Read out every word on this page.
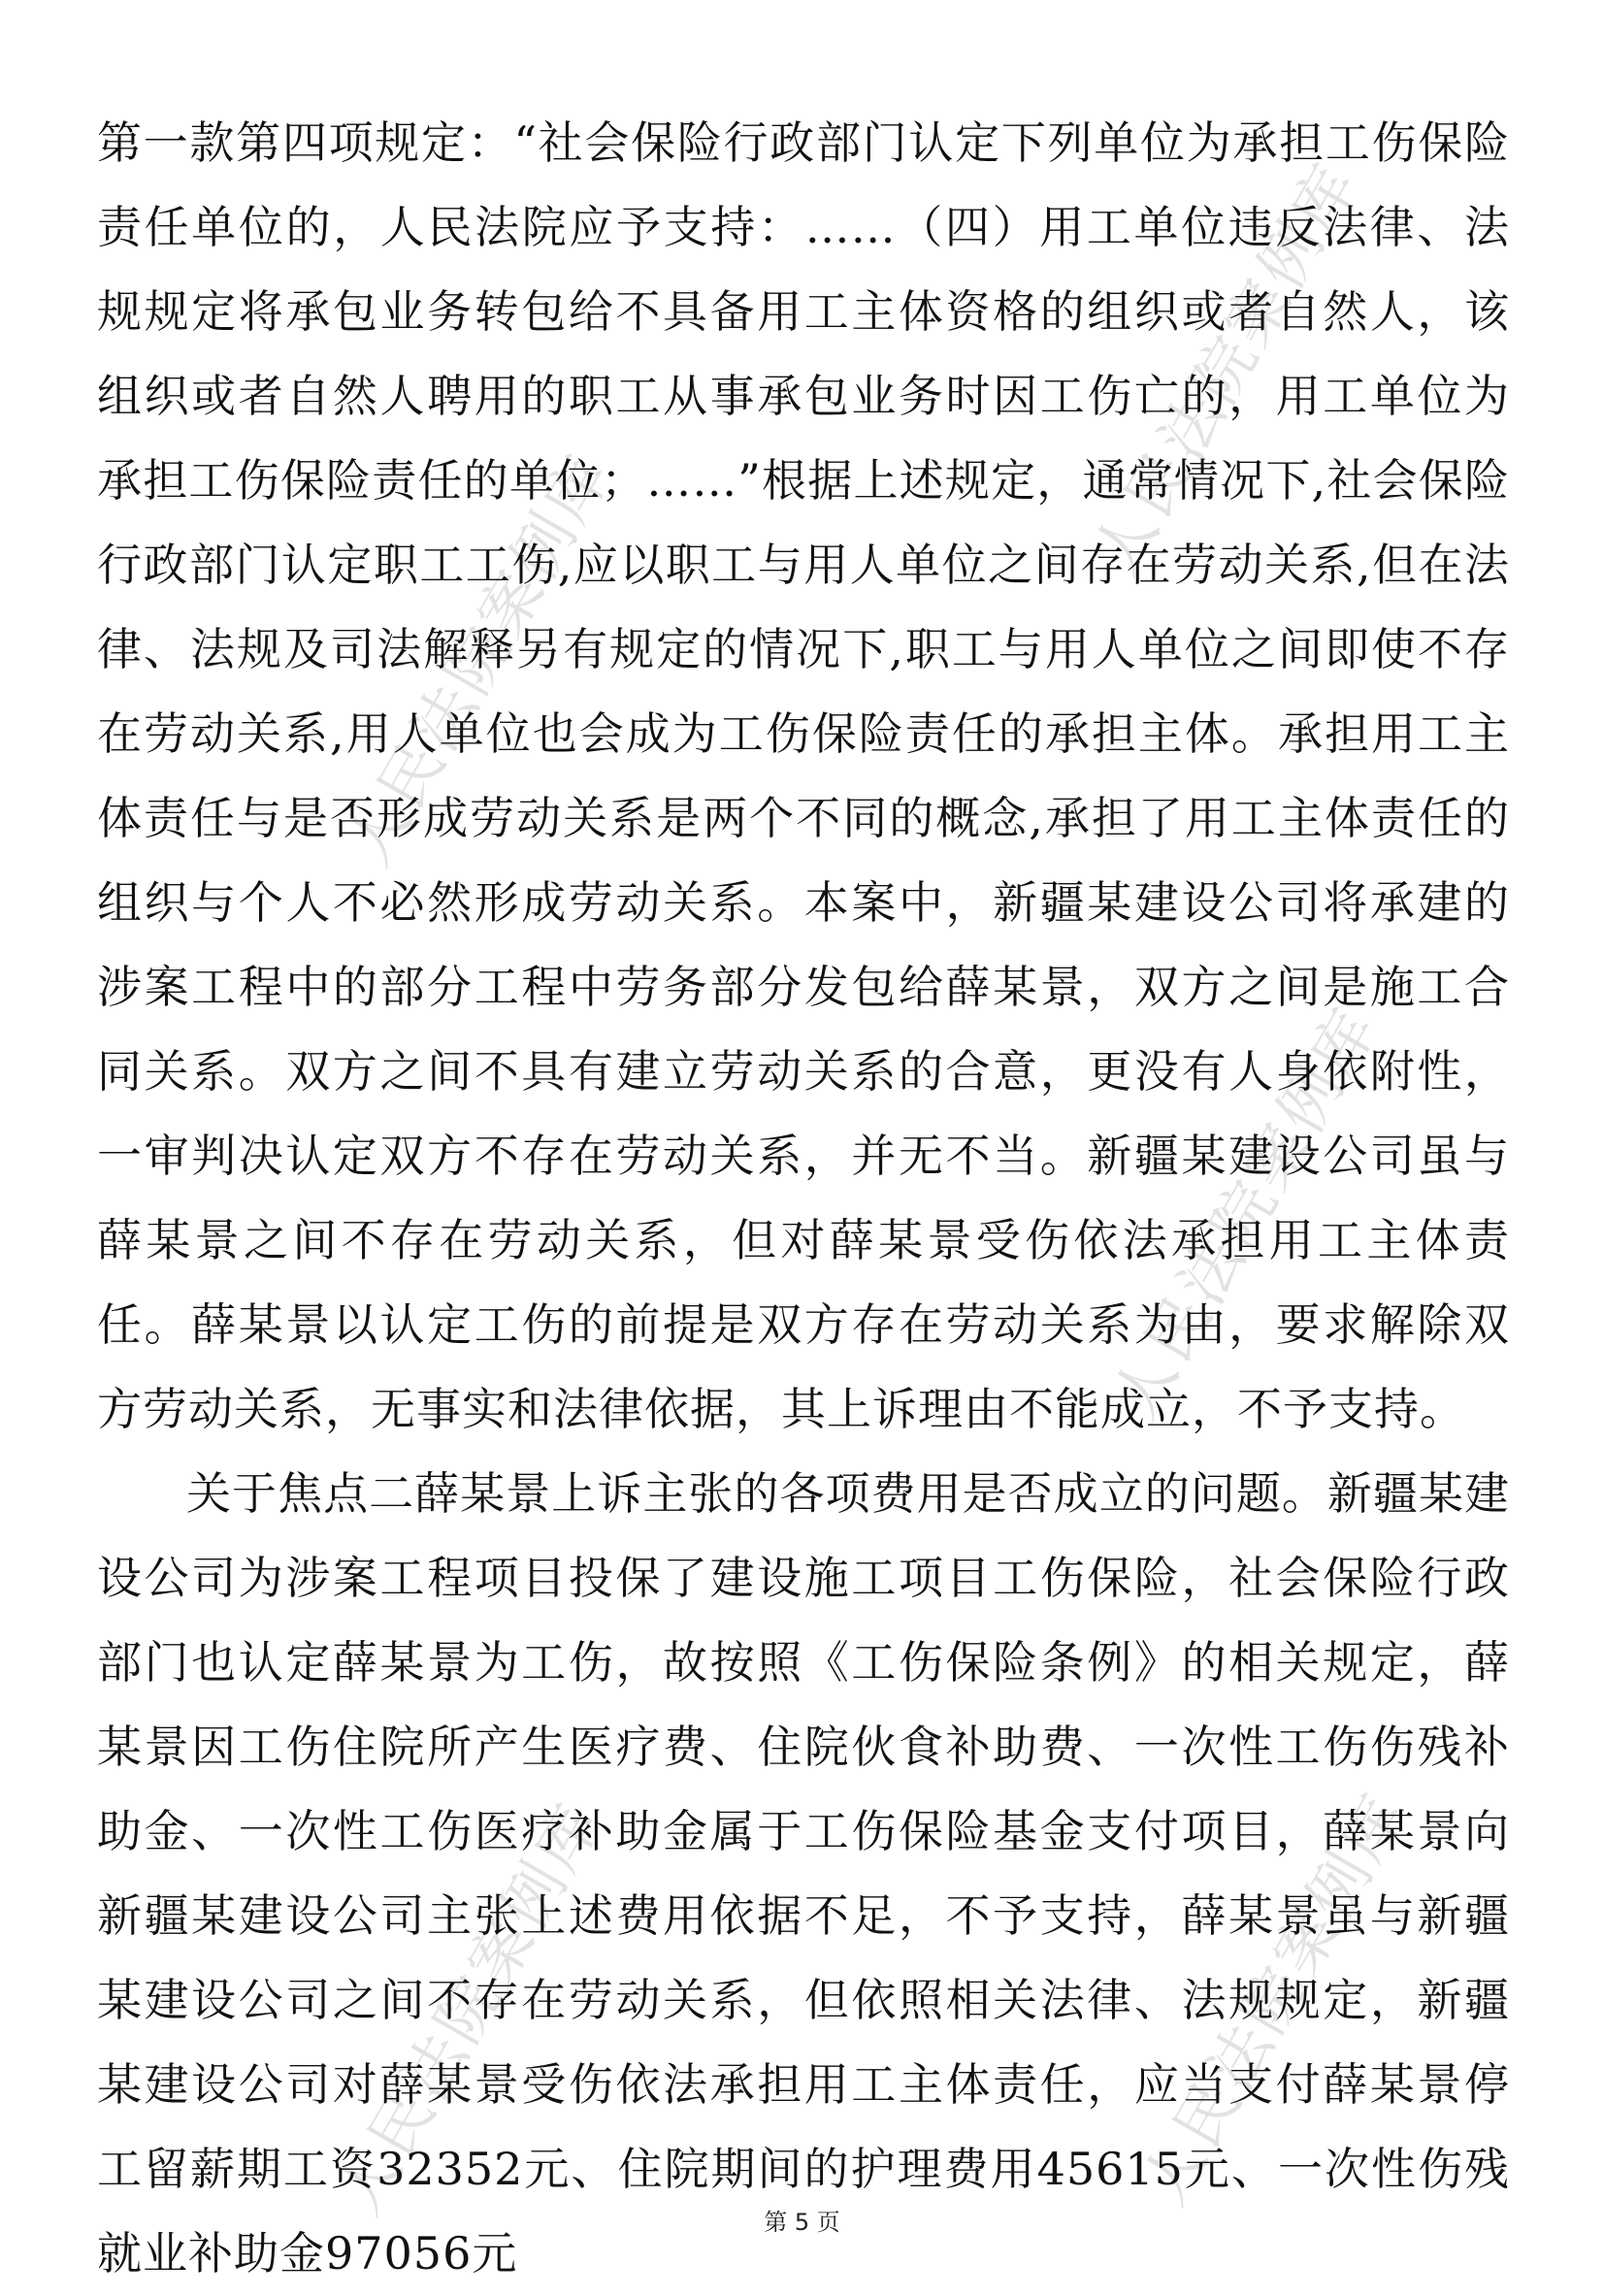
人民法院案例库
人民法院案例库
人民法院案例库
人民法院案例库	人民法院案例库

第一款第四项规定：“社会保险行政部门认定下列单位为承担工伤保险责任单位的，人民法院应予支持：……（四）用工单位违反法律、法规规定将承包业务转包给不具备用工主体资格的组织或者自然人，该组织或者自然人聘用的职工从事承包业务时因工伤亡的，用工单位为承担工伤保险责任的单位；……”根据上述规定，通常情况下,社会保险行政部门认定职工工伤,应以职工与用人单位之间存在劳动关系,但在法律、法规及司法解释另有规定的情况下,职工与用人单位之间即使不存在劳动关系,用人单位也会成为工伤保险责任的承担主体。承担用工主体责任与是否形成劳动关系是两个不同的概念,承担了用工主体责任的组织与个人不必然形成劳动关系。本案中，新疆某建设公司将承建的涉案工程中的部分工程中劳务部分发包给薛某景，双方之间是施工合同关系。双方之间不具有建立劳动关系的合意，更没有人身依附性，一审判决认定双方不存在劳动关系，并无不当。新疆某建设公司虽与薛某景之间不存在劳动关系，但对薛某景受伤依法承担用工主体责任。薛某景以认定工伤的前提是双方存在劳动关系为由，要求解除双方劳动关系，无事实和法律依据，其上诉理由不能成立，不予支持。

关于焦点二薛某景上诉主张的各项费用是否成立的问题。新疆某建设公司为涉案工程项目投保了建设施工项目工伤保险，社会保险行政部门也认定薛某景为工伤，故按照《工伤保险条例》的相关规定，薛某景因工伤住院所产生医疗费、住院伙食补助费、一次性工伤伤残补助金、一次性工伤医疗补助金属于工伤保险基金支付项目，薛某景向新疆某建设公司主张上述费用依据不足，不予支持，薛某景虽与新疆某建设公司之间不存在劳动关系，但依照相关法律、法规规定，新疆某建设公司对薛某景受伤依法承担用工主体责任，应当支付薛某景停工留薪期工资32352元、住院期间的护理费用45615元、一次性伤残就业补助金97056元

第 5 页
